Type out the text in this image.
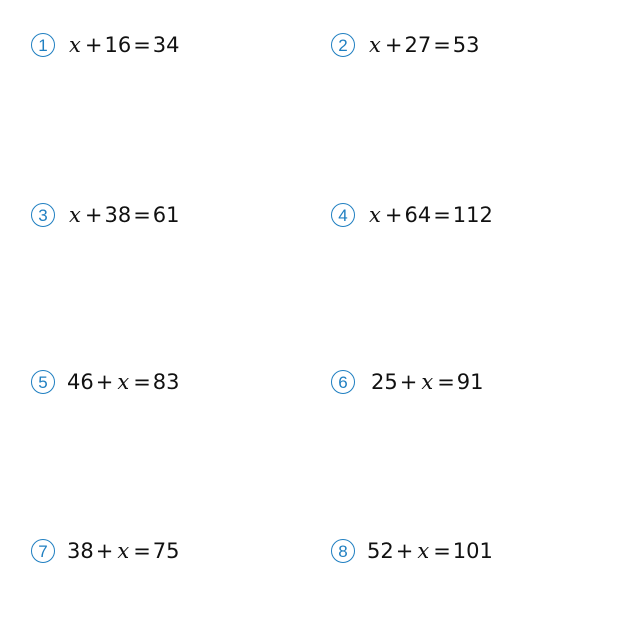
1	x + 16 = 34	2	x + 27 = 53
3	x + 38 = 61	4	x + 64 = 112
5 46 + x = 83	6	25 + x = 91
7 38 + x = 75	8 52 + x = 101
